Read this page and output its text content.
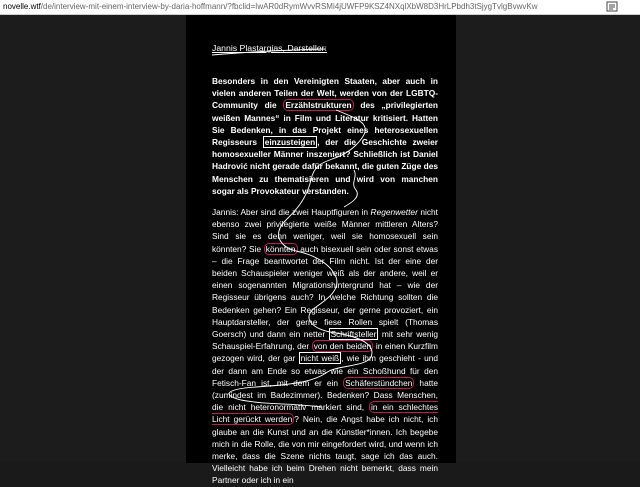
novelle.wtf/de/interview-mit-einem-interview-by-daria-hoffmann/?fbclid=IwAR0dRymWvvRSMi4jUWFP9KSZ4NXqlXbW8D3HrLPbdh3tSjygTvlgBvwvKw
Jannis Plastargias, Darsteller:

Besonders in den Vereinigten Staaten, aber auch in vielen anderen Teilen der Welt, werden von der LGBTQ-Community die Erzählstrukturen des „privilegierten weißen Mannes“ in Film und Literatur kritisiert. Hatten Sie Bedenken, in das Projekt eines heterosexuellen Regisseurs einzusteigen , der die Geschichte zweier homosexueller Männer inszeniert? Schließlich ist Daniel Hadrović nicht gerade dafür bekannt, die guten Züge des Menschen zu thematisieren und wird von manchen sogar als Provokateur verstanden.

Jannis: Aber sind die zwei Hauptfiguren in Regenwetter nicht ebenso zwei privilegierte weiße Männer mittleren Alters? Sind sie es denn weniger, weil sie homosexuell sein könnten? Sie könnten auch bisexuell sein oder sonst etwas – die Frage beantwortet der Film nicht. Ist der eine der beiden Schauspieler weniger weiß als der andere, weil er einen sogenannten Migrationshintergrund hat – wie der Regisseur übrigens auch? In welche Richtung sollten die Bedenken gehen? Ein Regisseur, der gerne provoziert, ein Hauptdarsteller, der gerne fiese Rollen spielt (Thomas Goersch) und dann ein netter Schriftsteller mit sehr wenig Schauspiel-Erfahrung, der von den beiden in einen Kurzfilm gezogen wird, der gar nicht weiß , wie ihm geschieht - und der dann am Ende so etwas wie ein Schoßhund für den Fetisch-Fan ist, mit dem er ein Schäferstündchen hatte (zumindest im Badezimmer). Bedenken? Dass Menschen, die nicht heteronormativ markiert sind, in ein schlechtes Licht gerückt werden ? Nein, die Angst habe ich nicht, ich glaube an die Kunst und an die Künstler*innen. Ich begebe mich in die Rolle, die von mir eingefordert wird, und wenn ich merke, dass die Szene nichts taugt, sage ich das auch. Vielleicht habe ich beim Drehen nicht bemerkt, dass mein Partner oder ich in ein
